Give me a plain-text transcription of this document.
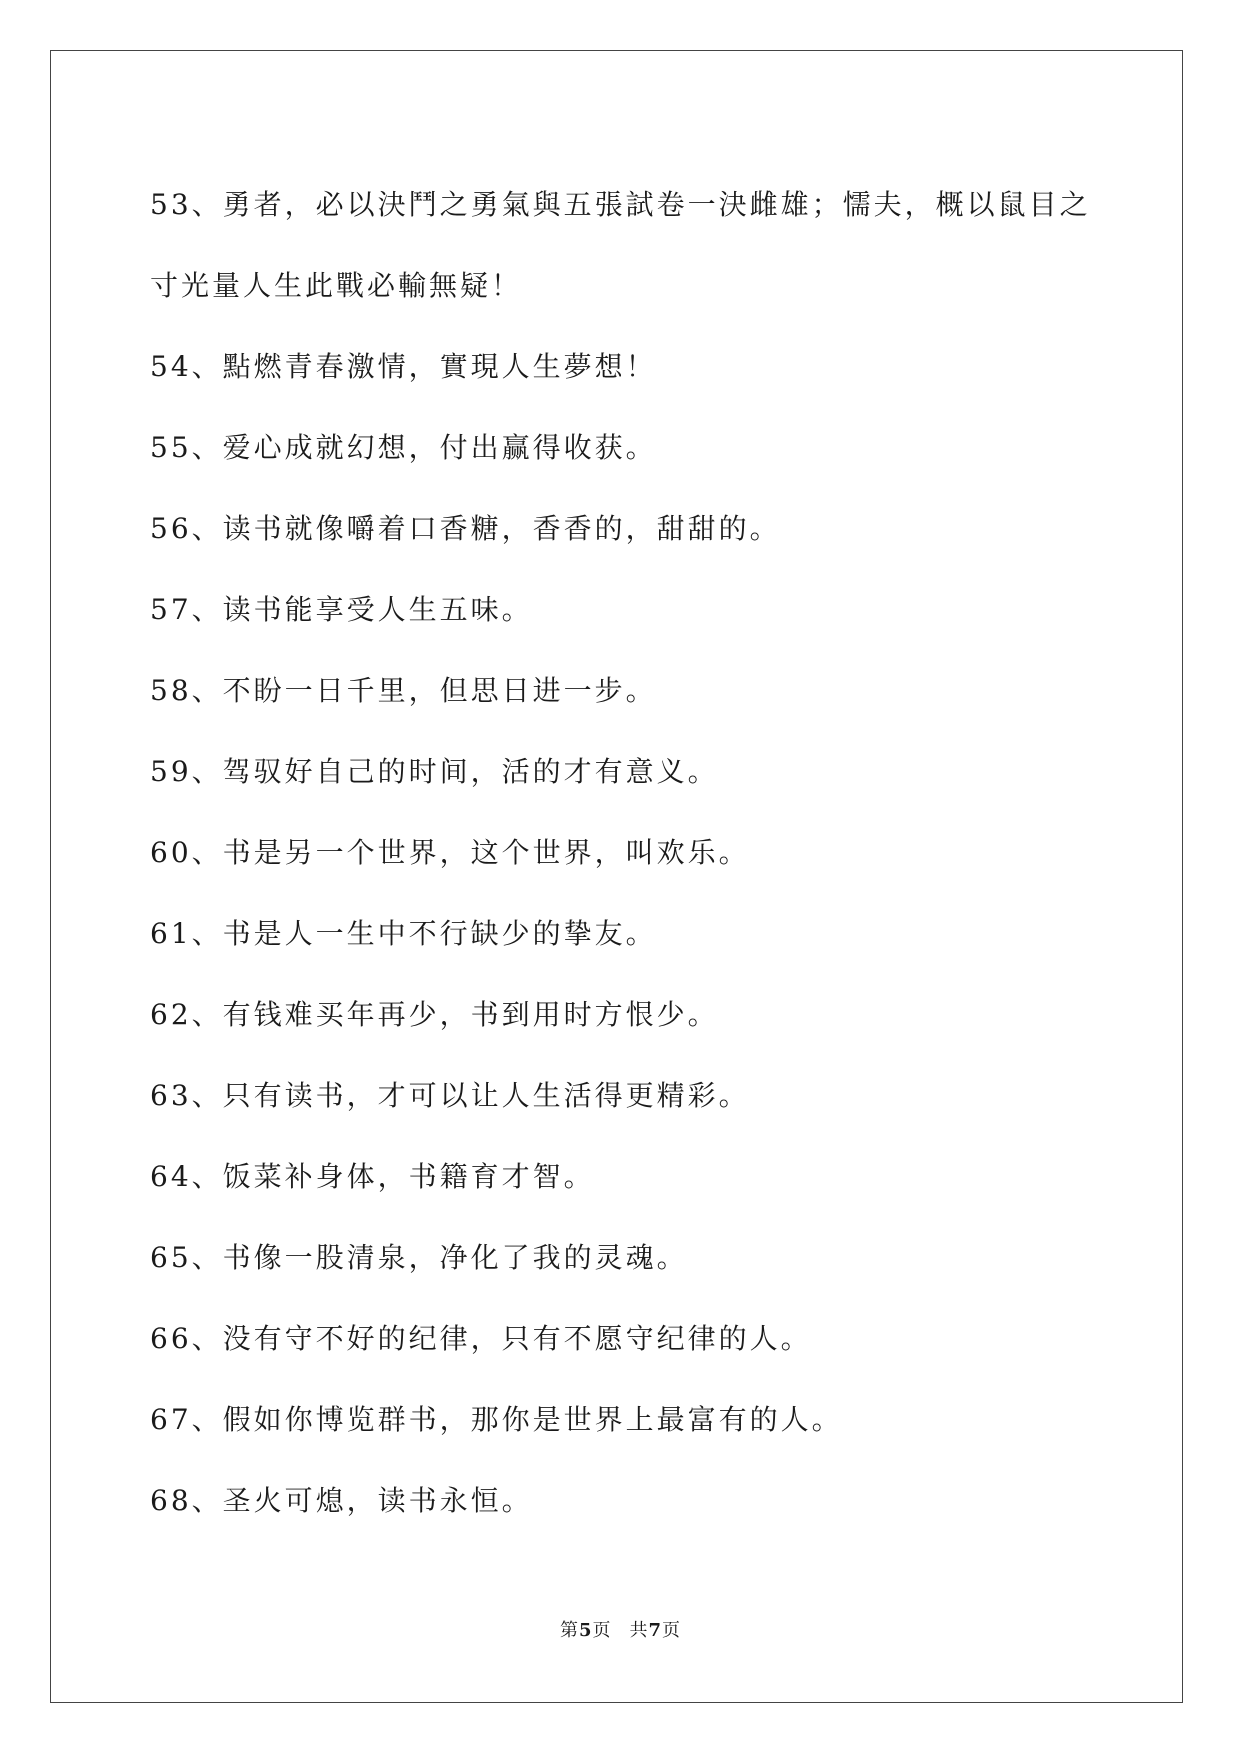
53、勇者，必以決鬥之勇氣與五張試卷一決雌雄；懦夫，概以鼠目之

寸光量人生此戰必輸無疑！

54、點燃青春激情，實現人生夢想！

55、爱心成就幻想，付出赢得收获。

56、读书就像嚼着口香糖，香香的，甜甜的。

57、读书能享受人生五味。

58、不盼一日千里，但思日进一步。

59、驾驭好自己的时间，活的才有意义。

60、书是另一个世界，这个世界，叫欢乐。

61、书是人一生中不行缺少的挚友。

62、有钱难买年再少，书到用时方恨少。

63、只有读书，才可以让人生活得更精彩。

64、饭菜补身体，书籍育才智。

65、书像一股清泉，净化了我的灵魂。

66、没有守不好的纪律，只有不愿守纪律的人。

67、假如你博览群书，那你是世界上最富有的人。

68、圣火可熄，读书永恒。

第5页 共7页
